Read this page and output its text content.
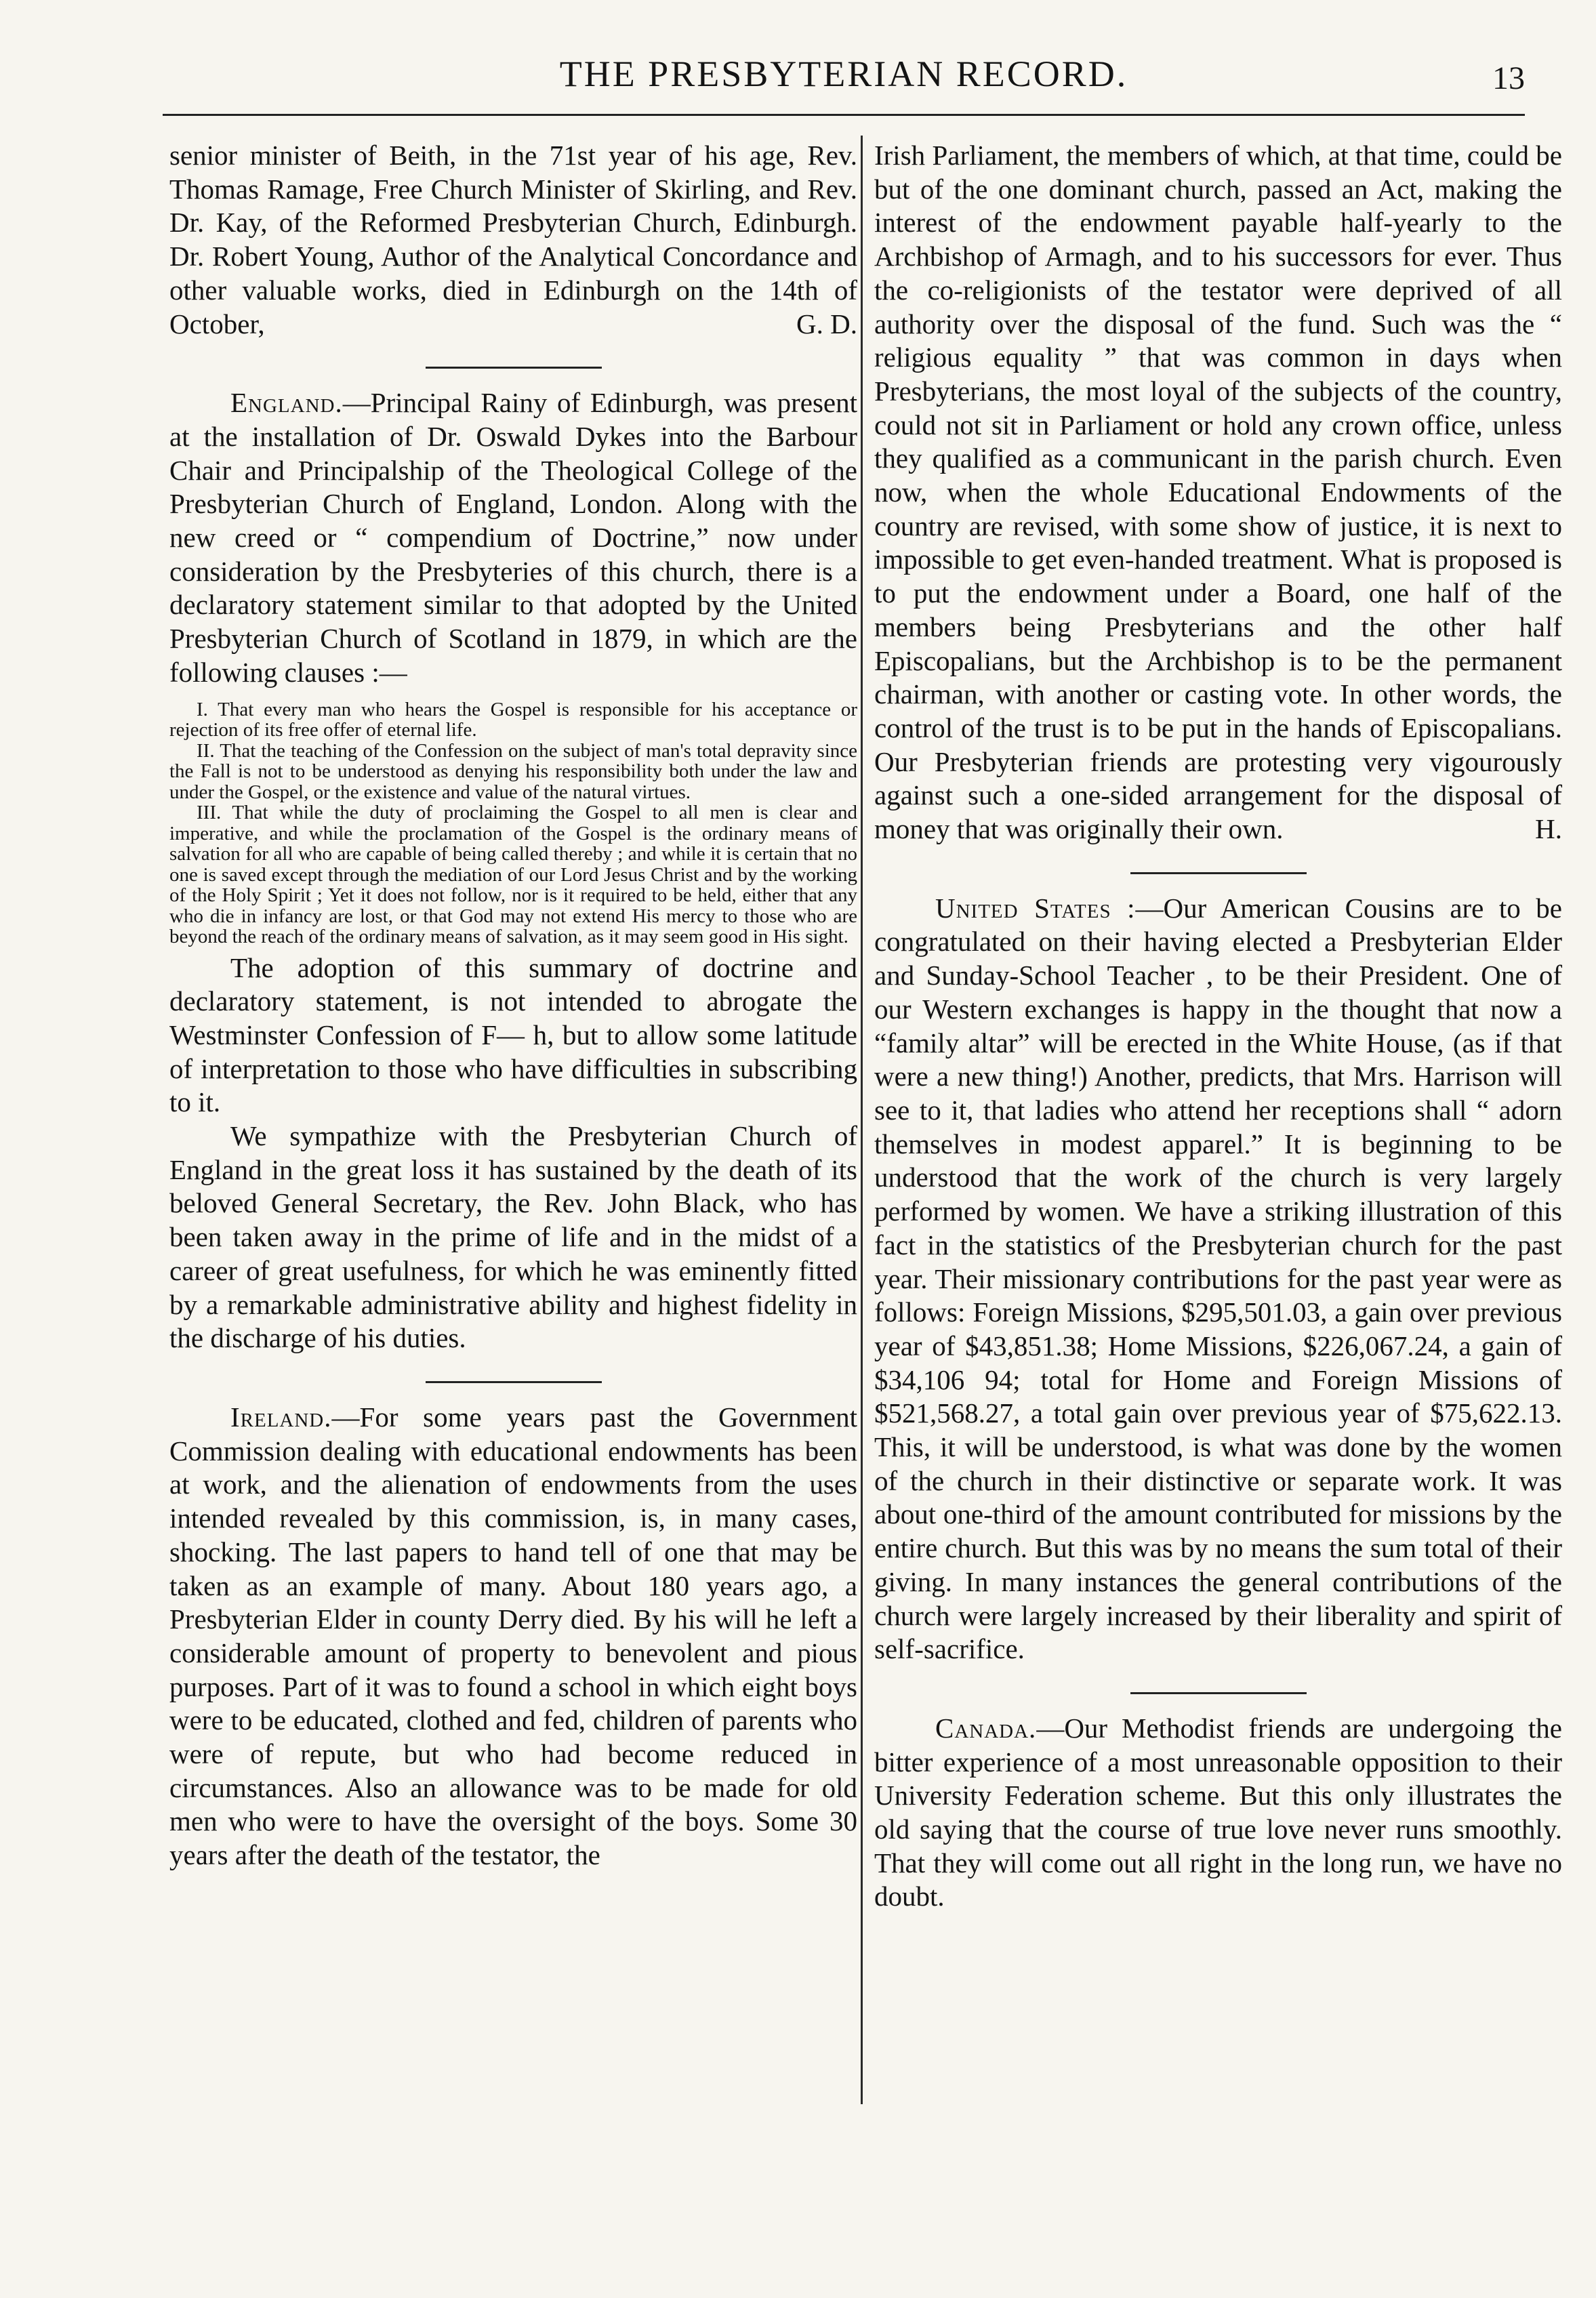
THE PRESBYTERIAN RECORD.	13

senior minister of Beith, in the 71st year of his age, Rev. Thomas Ramage, Free Church Minister of Skirling, and Rev. Dr. Kay, of the Reformed Presbyterian Church, Edinburgh. Dr. Robert Young, Author of the Analytical Concordance and other valuable works, died in Edinburgh on the 14th of October,	G. D.

England.—Principal Rainy of Edinburgh, was present at the installation of Dr. Oswald Dykes into the Barbour Chair and Principalship of the Theological College of the Presbyterian Church of England, London. Along with the new creed or “ compendium of Doctrine,” now under consideration by the Presbyteries of this church, there is a declaratory statement similar to that adopted by the United Presbyterian Church of Scotland in 1879, in which are the following clauses :—

I. That every man who hears the Gospel is responsible for his acceptance or rejection of its free offer of eternal life.

II. That the teaching of the Confession on the subject of man's total depravity since the Fall is not to be understood as denying his responsibility both under the law and under the Gospel, or the existence and value of the natural virtues.

III. That while the duty of proclaiming the Gospel to all men is clear and imperative, and while the proclamation of the Gospel is the ordinary means of salvation for all who are capable of being called thereby ; and while it is certain that no one is saved except through the mediation of our Lord Jesus Christ and by the working of the Holy Spirit ; Yet it does not follow, nor is it required to be held, either that any who die in infancy are lost, or that God may not extend His mercy to those who are beyond the reach of the ordinary means of salvation, as it may seem good in His sight.

The adoption of this summary of doctrine and declaratory statement, is not intended to abrogate the Westminster Confession of F— h, but to allow some latitude of interpretation to those who have difficulties in subscribing to it.

We sympathize with the Presbyterian Church of England in the great loss it has sustained by the death of its beloved General Secretary, the Rev. John Black, who has been taken away in the prime of life and in the midst of a career of great usefulness, for which he was eminently fitted by a remarkable administrative ability and highest fidelity in the discharge of his duties.

Ireland.—For some years past the Government Commission dealing with educational endowments has been at work, and the alienation of endowments from the uses intended revealed by this commission, is, in many cases, shocking. The last papers to hand tell of one that may be taken as an example of many. About 180 years ago, a Presbyterian Elder in county Derry died. By his will he left a considerable amount of property to benevolent and pious purposes. Part of it was to found a school in which eight boys were to be educated, clothed and fed, children of parents who were of repute, but who had become reduced in circumstances. Also an allowance was to be made for old men who were to have the oversight of the boys. Some 30 years after the death of the testator, the

Irish Parliament, the members of which, at that time, could be but of the one dominant church, passed an Act, making the interest of the endowment payable half-yearly to the Archbishop of Armagh, and to his successors for ever. Thus the co-religionists of the testator were deprived of all authority over the disposal of the fund. Such was the “ religious equality ” that was common in days when Presbyterians, the most loyal of the subjects of the country, could not sit in Parliament or hold any crown office, unless they qualified as a communicant in the parish church. Even now, when the whole Educational Endowments of the country are revised, with some show of justice, it is next to impossible to get even-handed treatment. What is proposed is to put the endowment under a Board, one half of the members being Presbyterians and the other half Episcopalians, but the Archbishop is to be the permanent chairman, with another or casting vote. In other words, the control of the trust is to be put in the hands of Episcopalians. Our Presbyterian friends are protesting very vigourously against such a one-sided arrangement for the disposal of money that was originally their own.	H.

United States :—Our American Cousins are to be congratulated on their having elected a Presbyterian Elder and Sunday-School Teacher , to be their President. One of our Western exchanges is happy in the thought that now a “family altar” will be erected in the White House, (as if that were a new thing!) Another, predicts, that Mrs. Harrison will see to it, that ladies who attend her receptions shall “ adorn themselves in modest apparel.” It is beginning to be understood that the work of the church is very largely performed by women. We have a striking illustration of this fact in the statistics of the Presbyterian church for the past year. Their missionary contributions for the past year were as follows: Foreign Missions, $295,501.03, a gain over previous year of $43,851.38; Home Missions, $226,067.24, a gain of $34,106 94; total for Home and Foreign Missions of $521,568.27, a total gain over previous year of $75,622.13. This, it will be understood, is what was done by the women of the church in their distinctive or separate work. It was about one-third of the amount contributed for missions by the entire church. But this was by no means the sum total of their giving. In many instances the general contributions of the church were largely increased by their liberality and spirit of self-sacrifice.

Canada.—Our Methodist friends are undergoing the bitter experience of a most unreasonable opposition to their University Federation scheme. But this only illustrates the old saying that the course of true love never runs smoothly. That they will come out all right in the long run, we have no doubt.
